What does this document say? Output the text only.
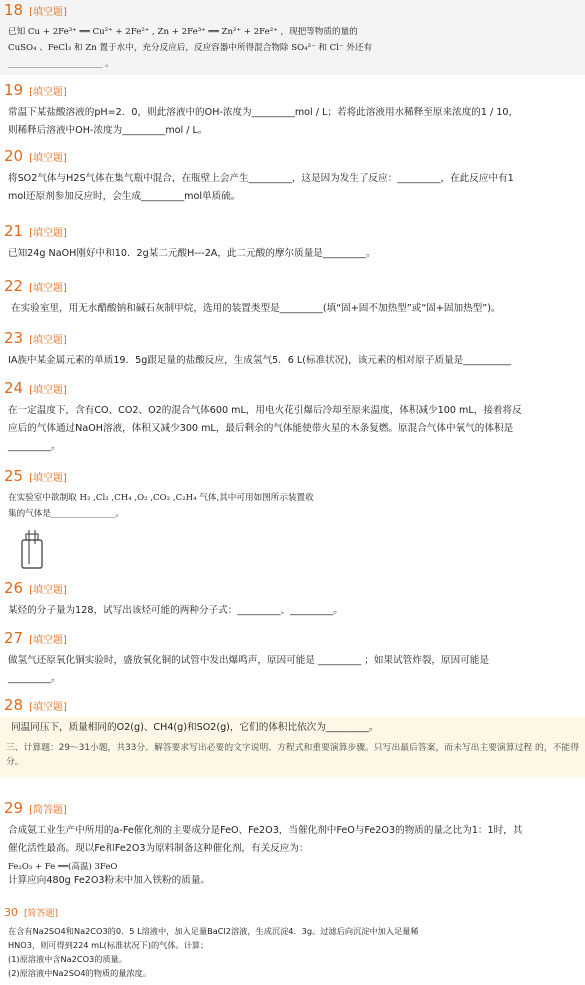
18 [填空题]
已知 Cu + 2Fe³⁺ ══ Cu²⁺ + 2Fe²⁺ , Zn + 2Fe³⁺ ══ Zn²⁺ + 2Fe²⁺ ，现把等物质的量的
CuSO₄ 、FeCl₃ 和 Zn 置于水中，充分反应后，反应容器中所得混合物除 SO₄²⁻ 和 Cl⁻ 外还有
______________________ 。
19 [填空题]
常温下某盐酸溶液的pH=2．0，则此溶液中的OH-浓度为_________mol / L；若将此溶液用水稀释至原来浓度的1 / 10，
则稀释后溶液中OH-浓度为_________mol / L。
20 [填空题]
将SO2气体与H2S气体在集气瓶中混合，在瓶壁上会产生_________，这是因为发生了反应：_________，在此反应中有1
mol还原剂参加反应时，会生成_________mol单质硫。
21 [填空题]
已知24g NaOH刚好中和10．2g某二元酸H---2A，此二元酸的摩尔质量是_________。
22 [填空题]
在实验室里，用无水醋酸钠和碱石灰制甲烷，选用的装置类型是_________(填“固+固不加热型”或“固+固加热型”)。
23 [填空题]
ⅠA族中某金属元素的单质19．5g跟足量的盐酸反应，生成氢气5．6 L(标准状况)，该元素的相对原子质量是__________
24 [填空题]
在一定温度下，含有CO、CO2、O2的混合气体600 mL，用电火花引爆后冷却至原来温度，体积减少100 mL，接着将反
应后的气体通过NaOH溶液，体积又减少300 mL，最后剩余的气体能使带火星的木条复燃。原混合气体中氧气的体积是
_________。
25 [填空题]
在实验室中欲制取 H₂ ,Cl₂ ,CH₄ ,O₂ ,CO₂ ,C₂H₄ 气体,其中可用如图所示装置收
集的气体是_______________。
26 [填空题]
某烃的分子量为128，试写出该烃可能的两种分子式：_________、_________。
27 [填空题]
做氢气还原氧化铜实验时，盛放氧化铜的试管中发出爆鸣声，原因可能是 _________ ；如果试管炸裂，原因可能是
_________。
28 [填空题]
同温同压下，质量相同的O2(g)、CH4(g)和SO2(g)，它们的体积比依次为_________。
三、计算题：29～31小题，共33分。解答要求写出必要的文字说明、方程式和重要演算步骤。只写出最后答案，而未写出主要演算过程 的，不能得分。
29 [简答题]
合成氨工业生产中所用的a-Fe催化剂的主要成分是FeO、Fe2O3，当催化剂中FeO与Fe2O3的物质的量之比为1：1时，其
催化活性最高。现以Fe和Fe2O3为原料制备这种催化剂，有关反应为：
Fe₂O₃ + Fe ══(高温) 3FeO
计算应向480g Fe2O3粉末中加入铁粉的质量。
30 [简答题]
在含有Na2SO4和Na2CO3的0．5 L溶液中，加入足量BaCl2溶液，生成沉淀4．3g。过滤后向沉淀中加入足量稀
HNO3，则可得到224 mL(标准状况下)的气体。计算；
(1)原溶液中含Na2CO3的质量。
(2)原溶液中Na2SO4的物质的量浓度。
